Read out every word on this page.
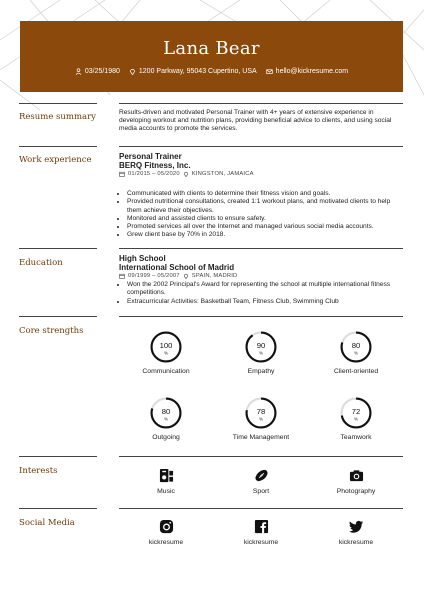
Lana Bear
03/25/1980	1200 Parkway, 95043 Cupertino, USA	hello@kickresume.com
Resume summary	Results-driven and motivated Personal Trainer with 4+ years of extensive experience in developing workout and nutrition plans, providing beneficial advice to clients, and using social media accounts to promote the services.
Work experience	Personal Trainer
BERQ Fitness, Inc.
01/2015 – 05/2020 KINGSTON, JAMAICA
• Communicated with clients to determine their fitness vision and goals.
• Provided nutritional consultations, created 1:1 workout plans, and motivated clients to help them achieve their objectives.
• Monitored and assisted clients to ensure safety.
• Promoted services all over the Internet and managed various social media accounts.
• Grew client base by 70% in 2018.
Education	High School
International School of Madrid
09/1999 – 05/2007 SPAIN, MADRID
• Won the 2002 Principal's Award for representing the school at multiple international fitness competitions.
• Extracurricular Activities: Basketball Team, Fitness Club, Swimming Club
Core strengths
100
%
Communication
90
%
Empathy
80
%
Client-oriented
80
%
Outgoing
78
%
Time Management
72
%
Teamwork
Interests
Music	Sport	Photography
Social Media
kickresume	kickresume	kickresume
